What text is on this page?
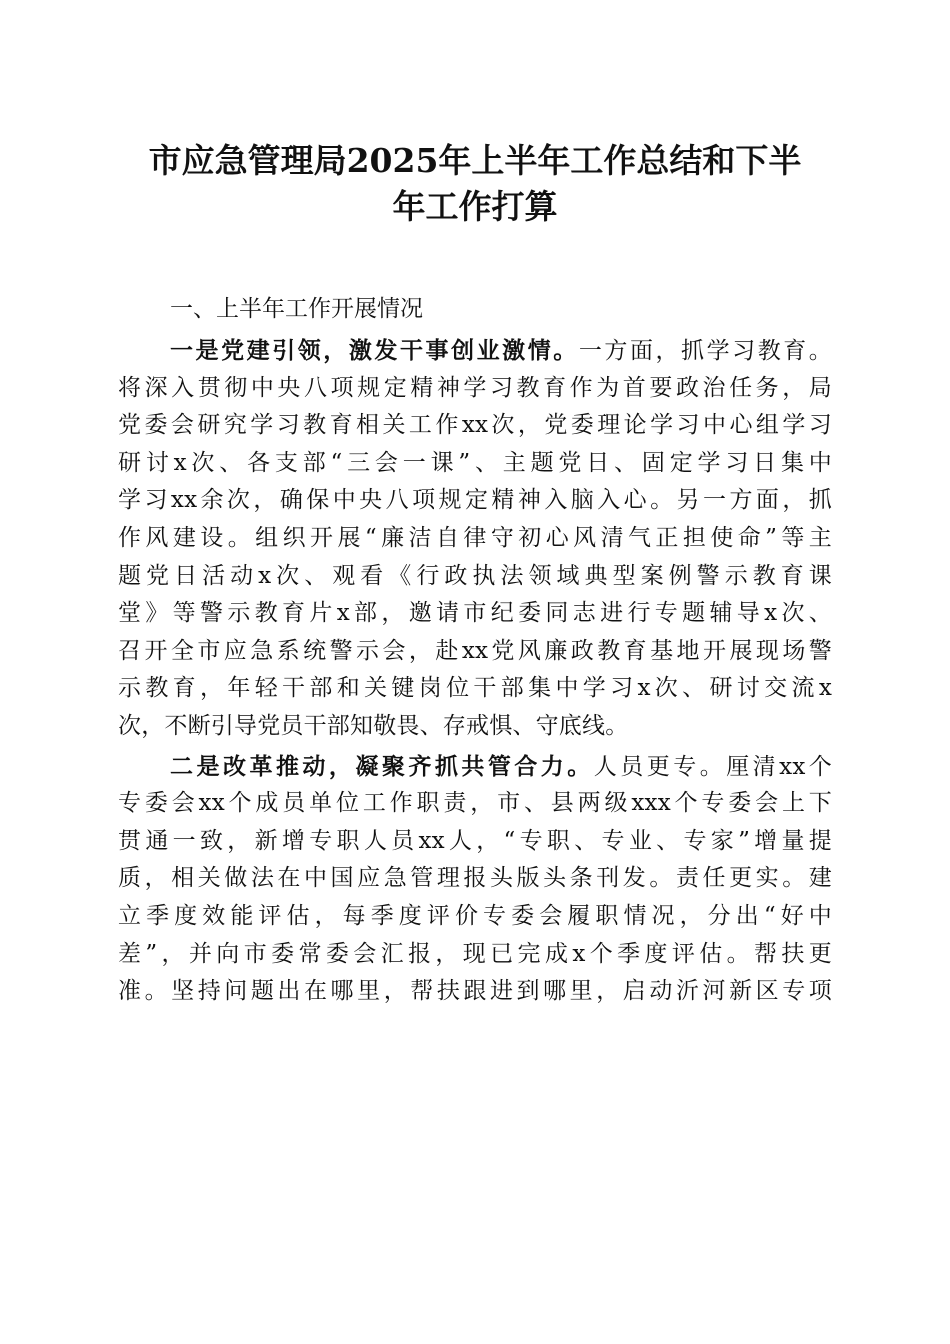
市应急管理局2025年上半年工作总结和下半
年工作打算
一、上半年工作开展情况
一是党建引领，激发干事创业激情。一方面，抓学习教育。
将深入贯彻中央八项规定精神学习教育作为首要政治任务，局
党委会研究学习教育相关工作xx次，党委理论学习中心组学习
研讨x次、各支部“三会一课”、主题党日、固定学习日集中
学习xx余次，确保中央八项规定精神入脑入心。另一方面，抓
作风建设。组织开展“廉洁自律守初心风清气正担使命”等主
题党日活动x次、观看《行政执法领域典型案例警示教育课
堂》等警示教育片x部，邀请市纪委同志进行专题辅导x次、
召开全市应急系统警示会，赴xx党风廉政教育基地开展现场警
示教育，年轻干部和关键岗位干部集中学习x次、研讨交流x
次，不断引导党员干部知敬畏、存戒惧、守底线。
二是改革推动，凝聚齐抓共管合力。人员更专。厘清xx个
专委会xx个成员单位工作职责，市、县两级xxx个专委会上下
贯通一致，新增专职人员xx人，“专职、专业、专家”增量提
质，相关做法在中国应急管理报头版头条刊发。责任更实。建
立季度效能评估，每季度评价专委会履职情况，分出“好中
差”，并向市委常委会汇报，现已完成x个季度评估。帮扶更
准。坚持问题出在哪里，帮扶跟进到哪里，启动沂河新区专项
